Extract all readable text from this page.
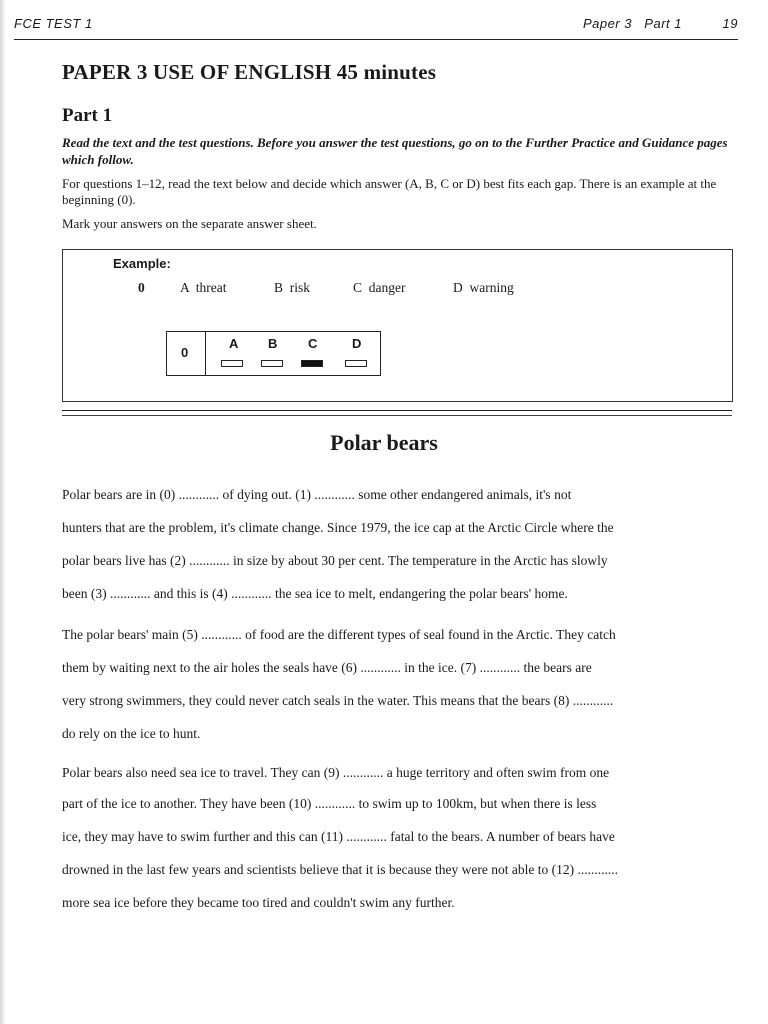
FCE TEST 1	Paper 3   Part 1	19
PAPER 3 USE OF ENGLISH 45 minutes
Part 1
Read the text and the test questions. Before you answer the test questions, go on to the Further Practice and Guidance pages which follow.
For questions 1–12, read the text below and decide which answer (A, B, C or D) best fits each gap. There is an example at the beginning (0).
Mark your answers on the separate answer sheet.
Example:
0	A  threat	B  risk	C  danger	D  warning
0
A B C	D
Polar bears
Polar bears are in (0) ............ of dying out. (1) ............ some other endangered animals, it's not
hunters that are the problem, it's climate change. Since 1979, the ice cap at the Arctic Circle where the
polar bears live has (2) ............ in size by about 30 per cent. The temperature in the Arctic has slowly
been (3) ............ and this is (4) ............ the sea ice to melt, endangering the polar bears' home.
The polar bears' main (5) ............ of food are the different types of seal found in the Arctic. They catch
them by waiting next to the air holes the seals have (6) ............ in the ice. (7) ............ the bears are
very strong swimmers, they could never catch seals in the water. This means that the bears (8) ............
do rely on the ice to hunt.
Polar bears also need sea ice to travel. They can (9) ............ a huge territory and often swim from one
part of the ice to another. They have been (10) ............ to swim up to 100km, but when there is less
ice, they may have to swim further and this can (11) ............ fatal to the bears. A number of bears have
drowned in the last few years and scientists believe that it is because they were not able to (12) ............
more sea ice before they became too tired and couldn't swim any further.
